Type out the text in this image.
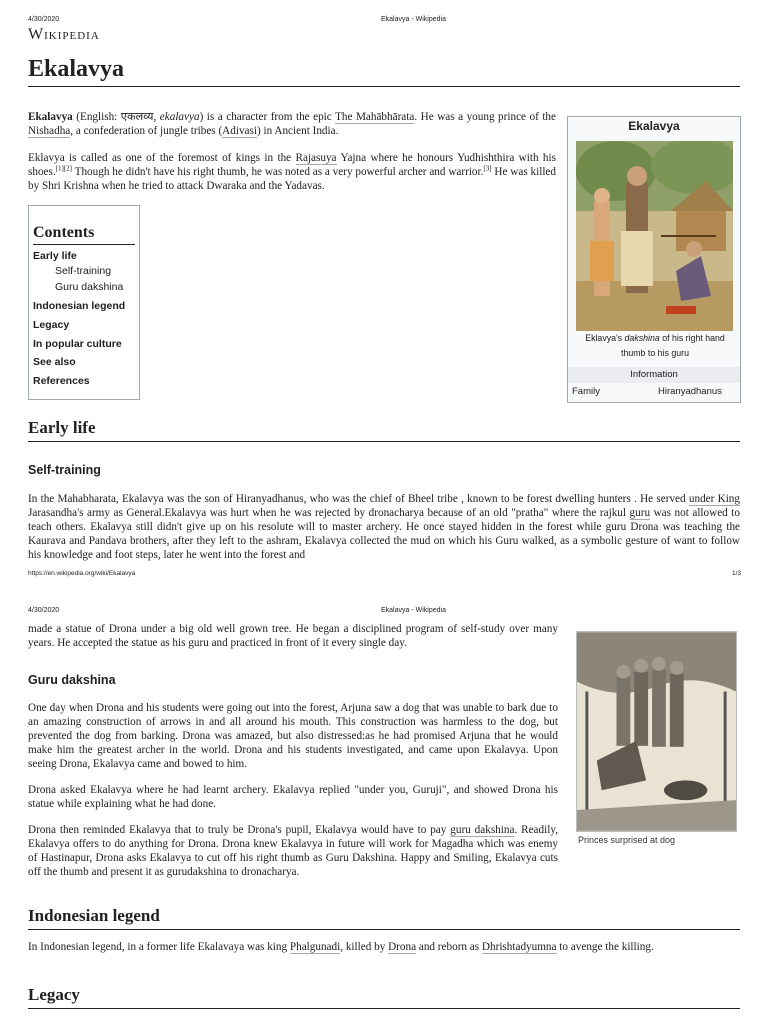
4/30/2020	Ekalavya - Wikipedia
Wikipedia
Ekalavya
Ekalavya (English: एकलव्य, ekalavya) is a character from the epic The Mahābhārata. He was a young prince of the Nishadha, a confederation of jungle tribes (Adivasi) in Ancient India.
Eklavya is called as one of the foremost of kings in the Rajasuya Yajna where he honours Yudhishthira with his shoes.[1][2] Though he didn't have his right thumb, he was noted as a very powerful archer and warrior.[3] He was killed by Shri Krishna when he tried to attack Dwaraka and the Yadavas.
Contents
Early life
Self-training
Guru dakshina
Indonesian legend
Legacy
In popular culture
See also
References
Ekalavya
Eklavya's dakshina of his right hand thumb to his guru
Information
Family	Hiranyadhanus
Early life
Self-training
In the Mahabharata, Ekalavya was the son of Hiranyadhanus, who was the chief of Bheel tribe , known to be forest dwelling hunters . He served under King Jarasandha's army as General.Ekalavya was hurt when he was rejected by dronacharya because of an old "pratha" where the rajkul guru was not allowed to teach others. Ekalavya still didn't give up on his resolute will to master archery. He once stayed hidden in the forest while guru Drona was teaching the Kaurava and Pandava brothers, after they left to the ashram, Ekalavya collected the mud on which his Guru walked, as a symbolic gesture of want to follow his knowledge and foot steps, later he went into the forest and
https://en.wikipedia.org/wiki/Ekalavya	1/3
4/30/2020	Ekalavya - Wikipedia
made a statue of Drona under a big old well grown tree. He began a disciplined program of self-study over many years. He accepted the statue as his guru and practiced in front of it every single day.
Guru dakshina
One day when Drona and his students were going out into the forest, Arjuna saw a dog that was unable to bark due to an amazing construction of arrows in and all around his mouth. This construction was harmless to the dog, but prevented the dog from barking. Drona was amazed, but also distressed:as he had promised Arjuna that he would make him the greatest archer in the world. Drona and his students investigated, and came upon Ekalavya. Upon seeing Drona, Ekalavya came and bowed to him.
Drona asked Ekalavya where he had learnt archery. Ekalavya replied "under you, Guruji", and showed Drona his statue while explaining what he had done.
Drona then reminded Ekalavya that to truly be Drona's pupil, Ekalavya would have to pay guru dakshina. Readily, Ekalavya offers to do anything for Drona. Drona knew Ekalavya in future will work for Magadha which was enemy of Hastinapur, Drona asks Ekalavya to cut off his right thumb as Guru Dakshina. Happy and Smiling, Ekalavya cuts off the thumb and present it as gurudakshina to dronacharya.
Princes surprised at dog
Indonesian legend
In Indonesian legend, in a former life Ekalavaya was king Phalgunadi, killed by Drona and reborn as Dhrishtadyumna to avenge the killing.
Legacy
